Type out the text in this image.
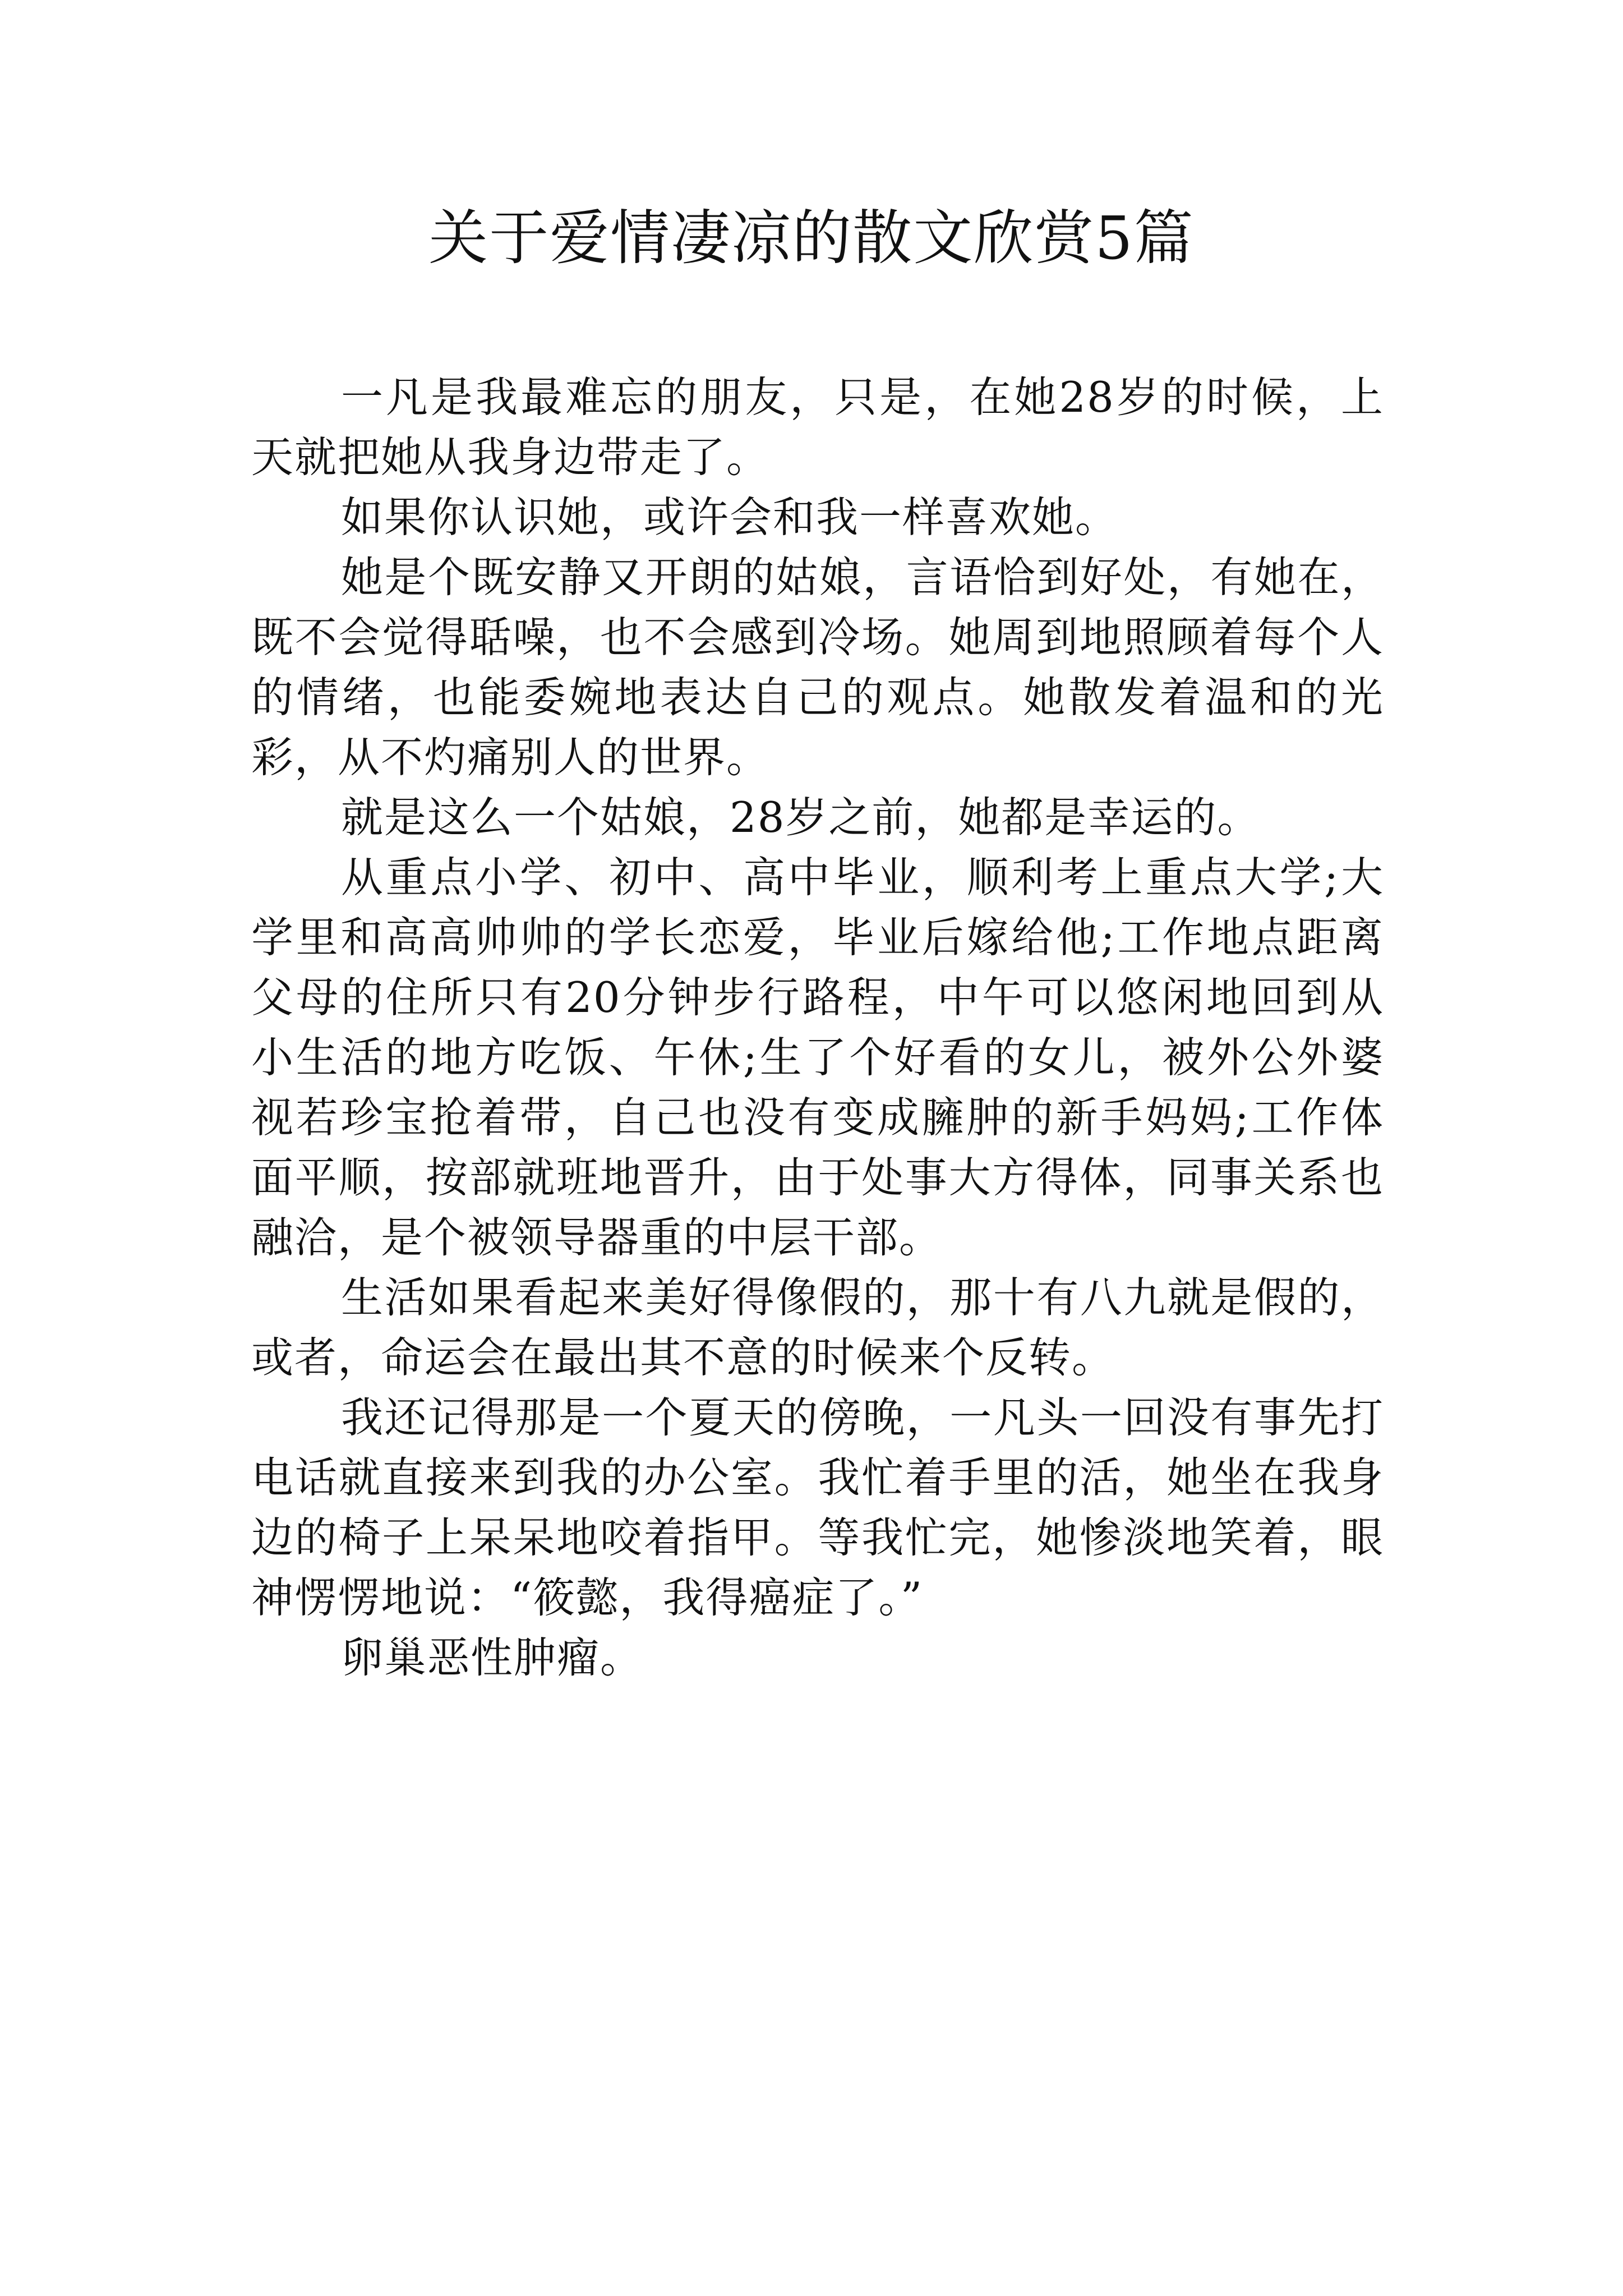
关于爱情凄凉的散文欣赏5篇

一凡是我最难忘的朋友，只是，在她28岁的时候，上天就把她从我身边带走了。

如果你认识她，或许会和我一样喜欢她。

她是个既安静又开朗的姑娘，言语恰到好处，有她在，既不会觉得聒噪，也不会感到冷场。她周到地照顾着每个人的情绪，也能委婉地表达自己的观点。她散发着温和的光彩，从不灼痛别人的世界。

就是这么一个姑娘，28岁之前，她都是幸运的。

从重点小学、初中、高中毕业，顺利考上重点大学;大学里和高高帅帅的学长恋爱，毕业后嫁给他;工作地点距离父母的住所只有20分钟步行路程，中午可以悠闲地回到从小生活的地方吃饭、午休;生了个好看的女儿，被外公外婆视若珍宝抢着带，自己也没有变成臃肿的新手妈妈;工作体面平顺，按部就班地晋升，由于处事大方得体，同事关系也融洽，是个被领导器重的中层干部。

生活如果看起来美好得像假的，那十有八九就是假的，或者，命运会在最出其不意的时候来个反转。

我还记得那是一个夏天的傍晚，一凡头一回没有事先打电话就直接来到我的办公室。我忙着手里的活，她坐在我身边的椅子上呆呆地咬着指甲。等我忙完，她惨淡地笑着，眼神愣愣地说：“筱懿，我得癌症了。”

卵巢恶性肿瘤。
